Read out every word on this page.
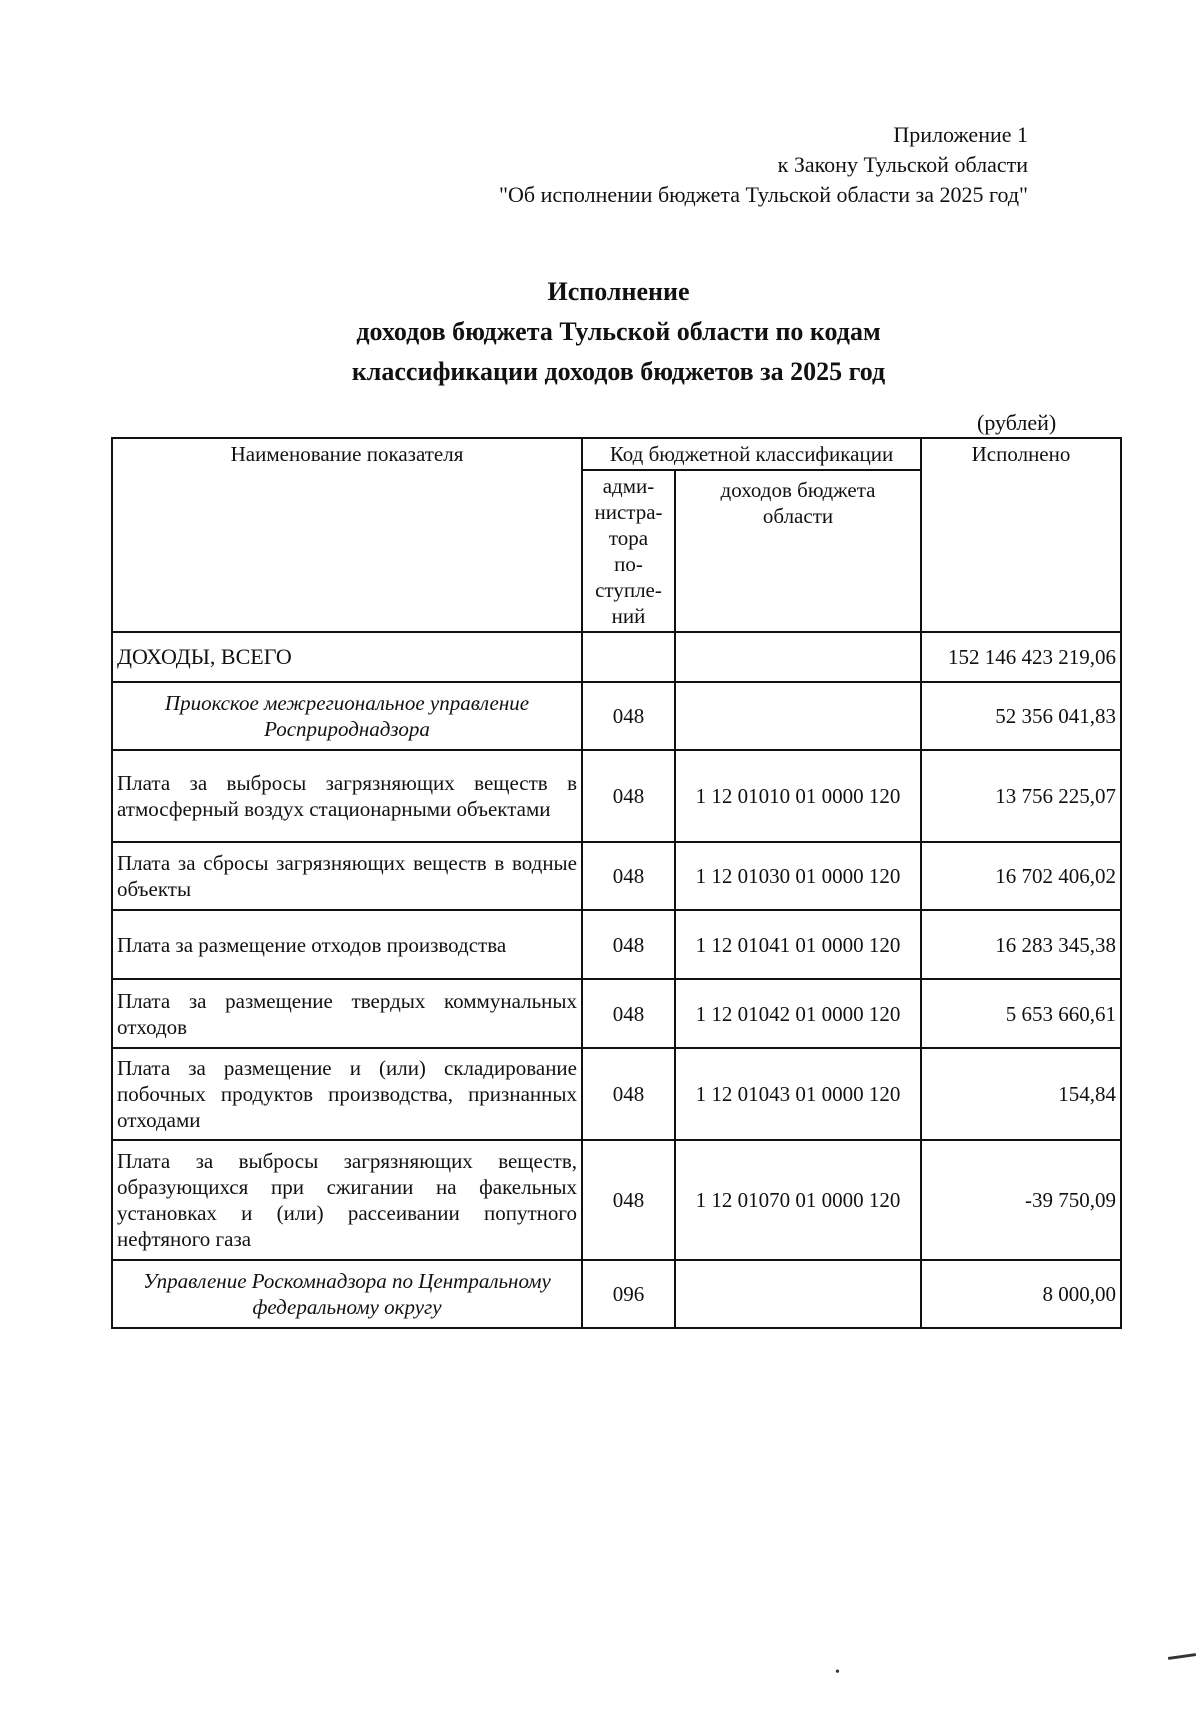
Приложение 1
к Закону Тульской области
"Об исполнении бюджета Тульской области за 2025 год"
Исполнение
доходов бюджета Тульской области по кодам
классификации доходов бюджетов за 2025 год
(рублей)
Наименование показателя	Код бюджетной классификации		Исполнено
	адми- нистра- тора по- ступле- ний	доходов бюджета области	
ДОХОДЫ, ВСЕГО			152 146 423 219,06
Приокское межрегиональное управление Росприроднадзора	048		52 356 041,83
Плата за выбросы загрязняющих веществ в атмосферный воздух стационарными объектами	048	1 12 01010 01 0000 120	13 756 225,07
Плата за сбросы загрязняющих веществ в водные объекты	048	1 12 01030 01 0000 120	16 702 406,02
Плата за размещение отходов производства	048	1 12 01041 01 0000 120	16 283 345,38
Плата за размещение твердых коммунальных отходов	048	1 12 01042 01 0000 120	5 653 660,61
Плата за размещение и (или) складирование побочных продуктов производства, признанных отходами	048	1 12 01043 01 0000 120	154,84
Плата за выбросы загрязняющих веществ, образующихся при сжигании на факельных установках и (или) рассеивании попутного нефтяного газа	048	1 12 01070 01 0000 120	-39 750,09
Управление Роскомнадзора по Центральному федеральному округу	096		8 000,00
•
